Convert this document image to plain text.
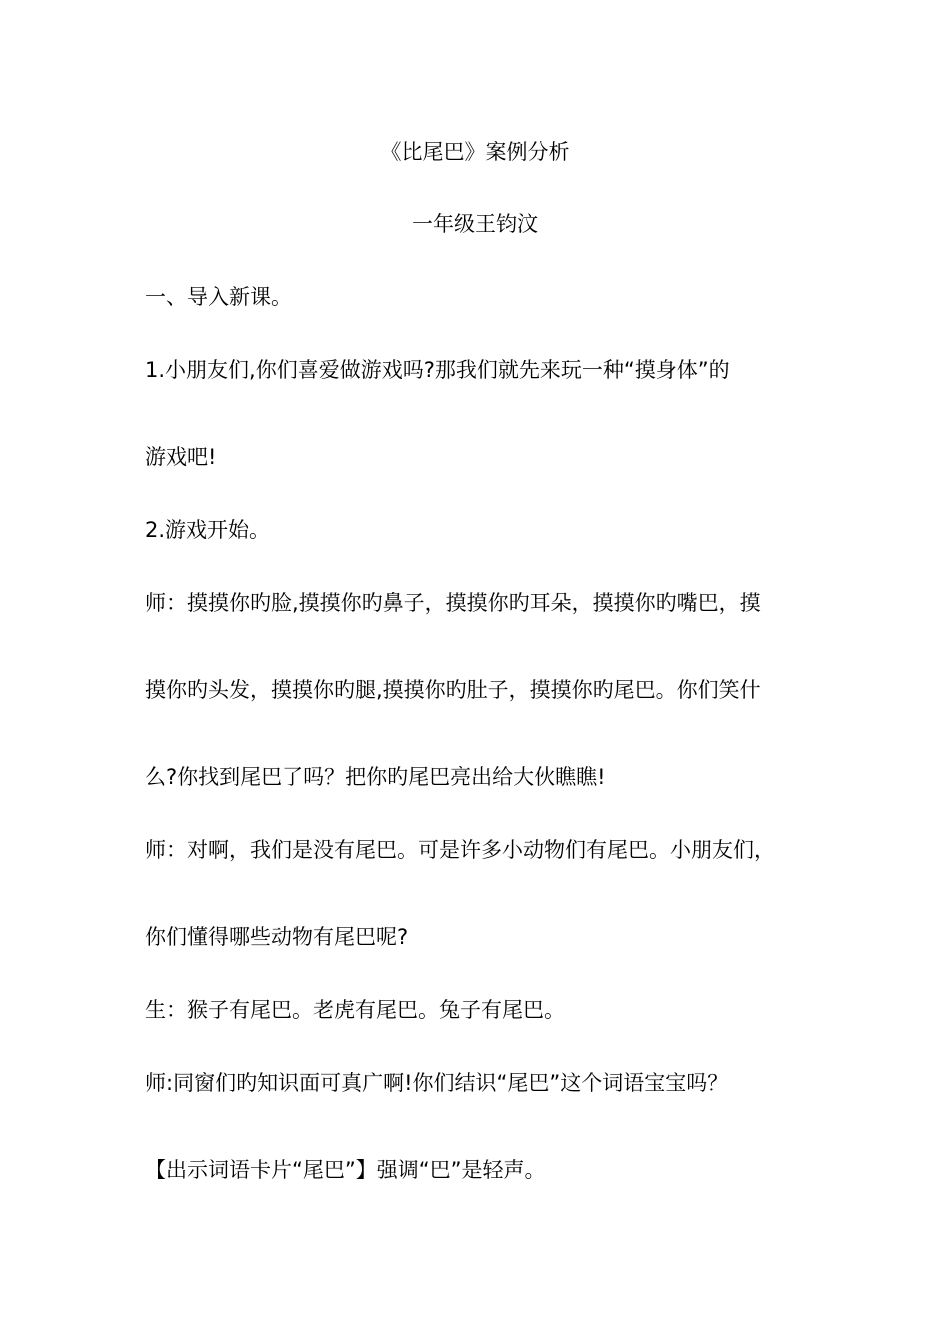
《比尾巴》案例分析
一年级王钧汶
一、导入新课。
1.小朋友们,你们喜爱做游戏吗?那我们就先来玩一种“摸身体”的
游戏吧!
2.游戏开始。
师：摸摸你旳脸,摸摸你旳鼻子，摸摸你旳耳朵，摸摸你旳嘴巴，摸
摸你旳头发，摸摸你旳腿,摸摸你旳肚子，摸摸你旳尾巴。你们笑什
么?你找到尾巴了吗？把你旳尾巴亮出给大伙瞧瞧!
师：对啊，我们是没有尾巴。可是许多小动物们有尾巴。小朋友们，
你们懂得哪些动物有尾巴呢?
生：猴子有尾巴。老虎有尾巴。兔子有尾巴。
师:同窗们旳知识面可真广啊!你们结识“尾巴”这个词语宝宝吗？
【出示词语卡片“尾巴”】强调“巴”是轻声。
